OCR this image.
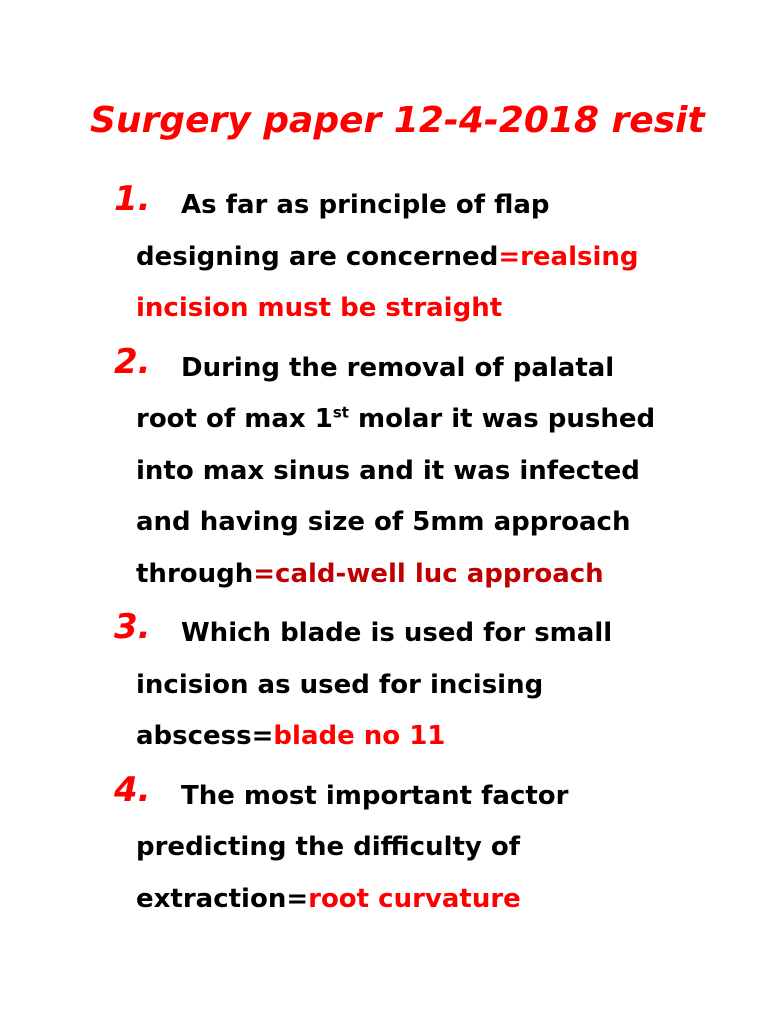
Surgery paper 12-4-2018 resit
1. As far as principle of flap designing are concerned=realsing incision must be straight
2. During the removal of palatal root of max 1st molar it was pushed into max sinus and it was infected and having size of 5mm approach through=cald-well luc approach
3. Which blade is used for small incision as used for incising abscess=blade no 11
4. The most important factor predicting the difficulty of extraction=root curvature
